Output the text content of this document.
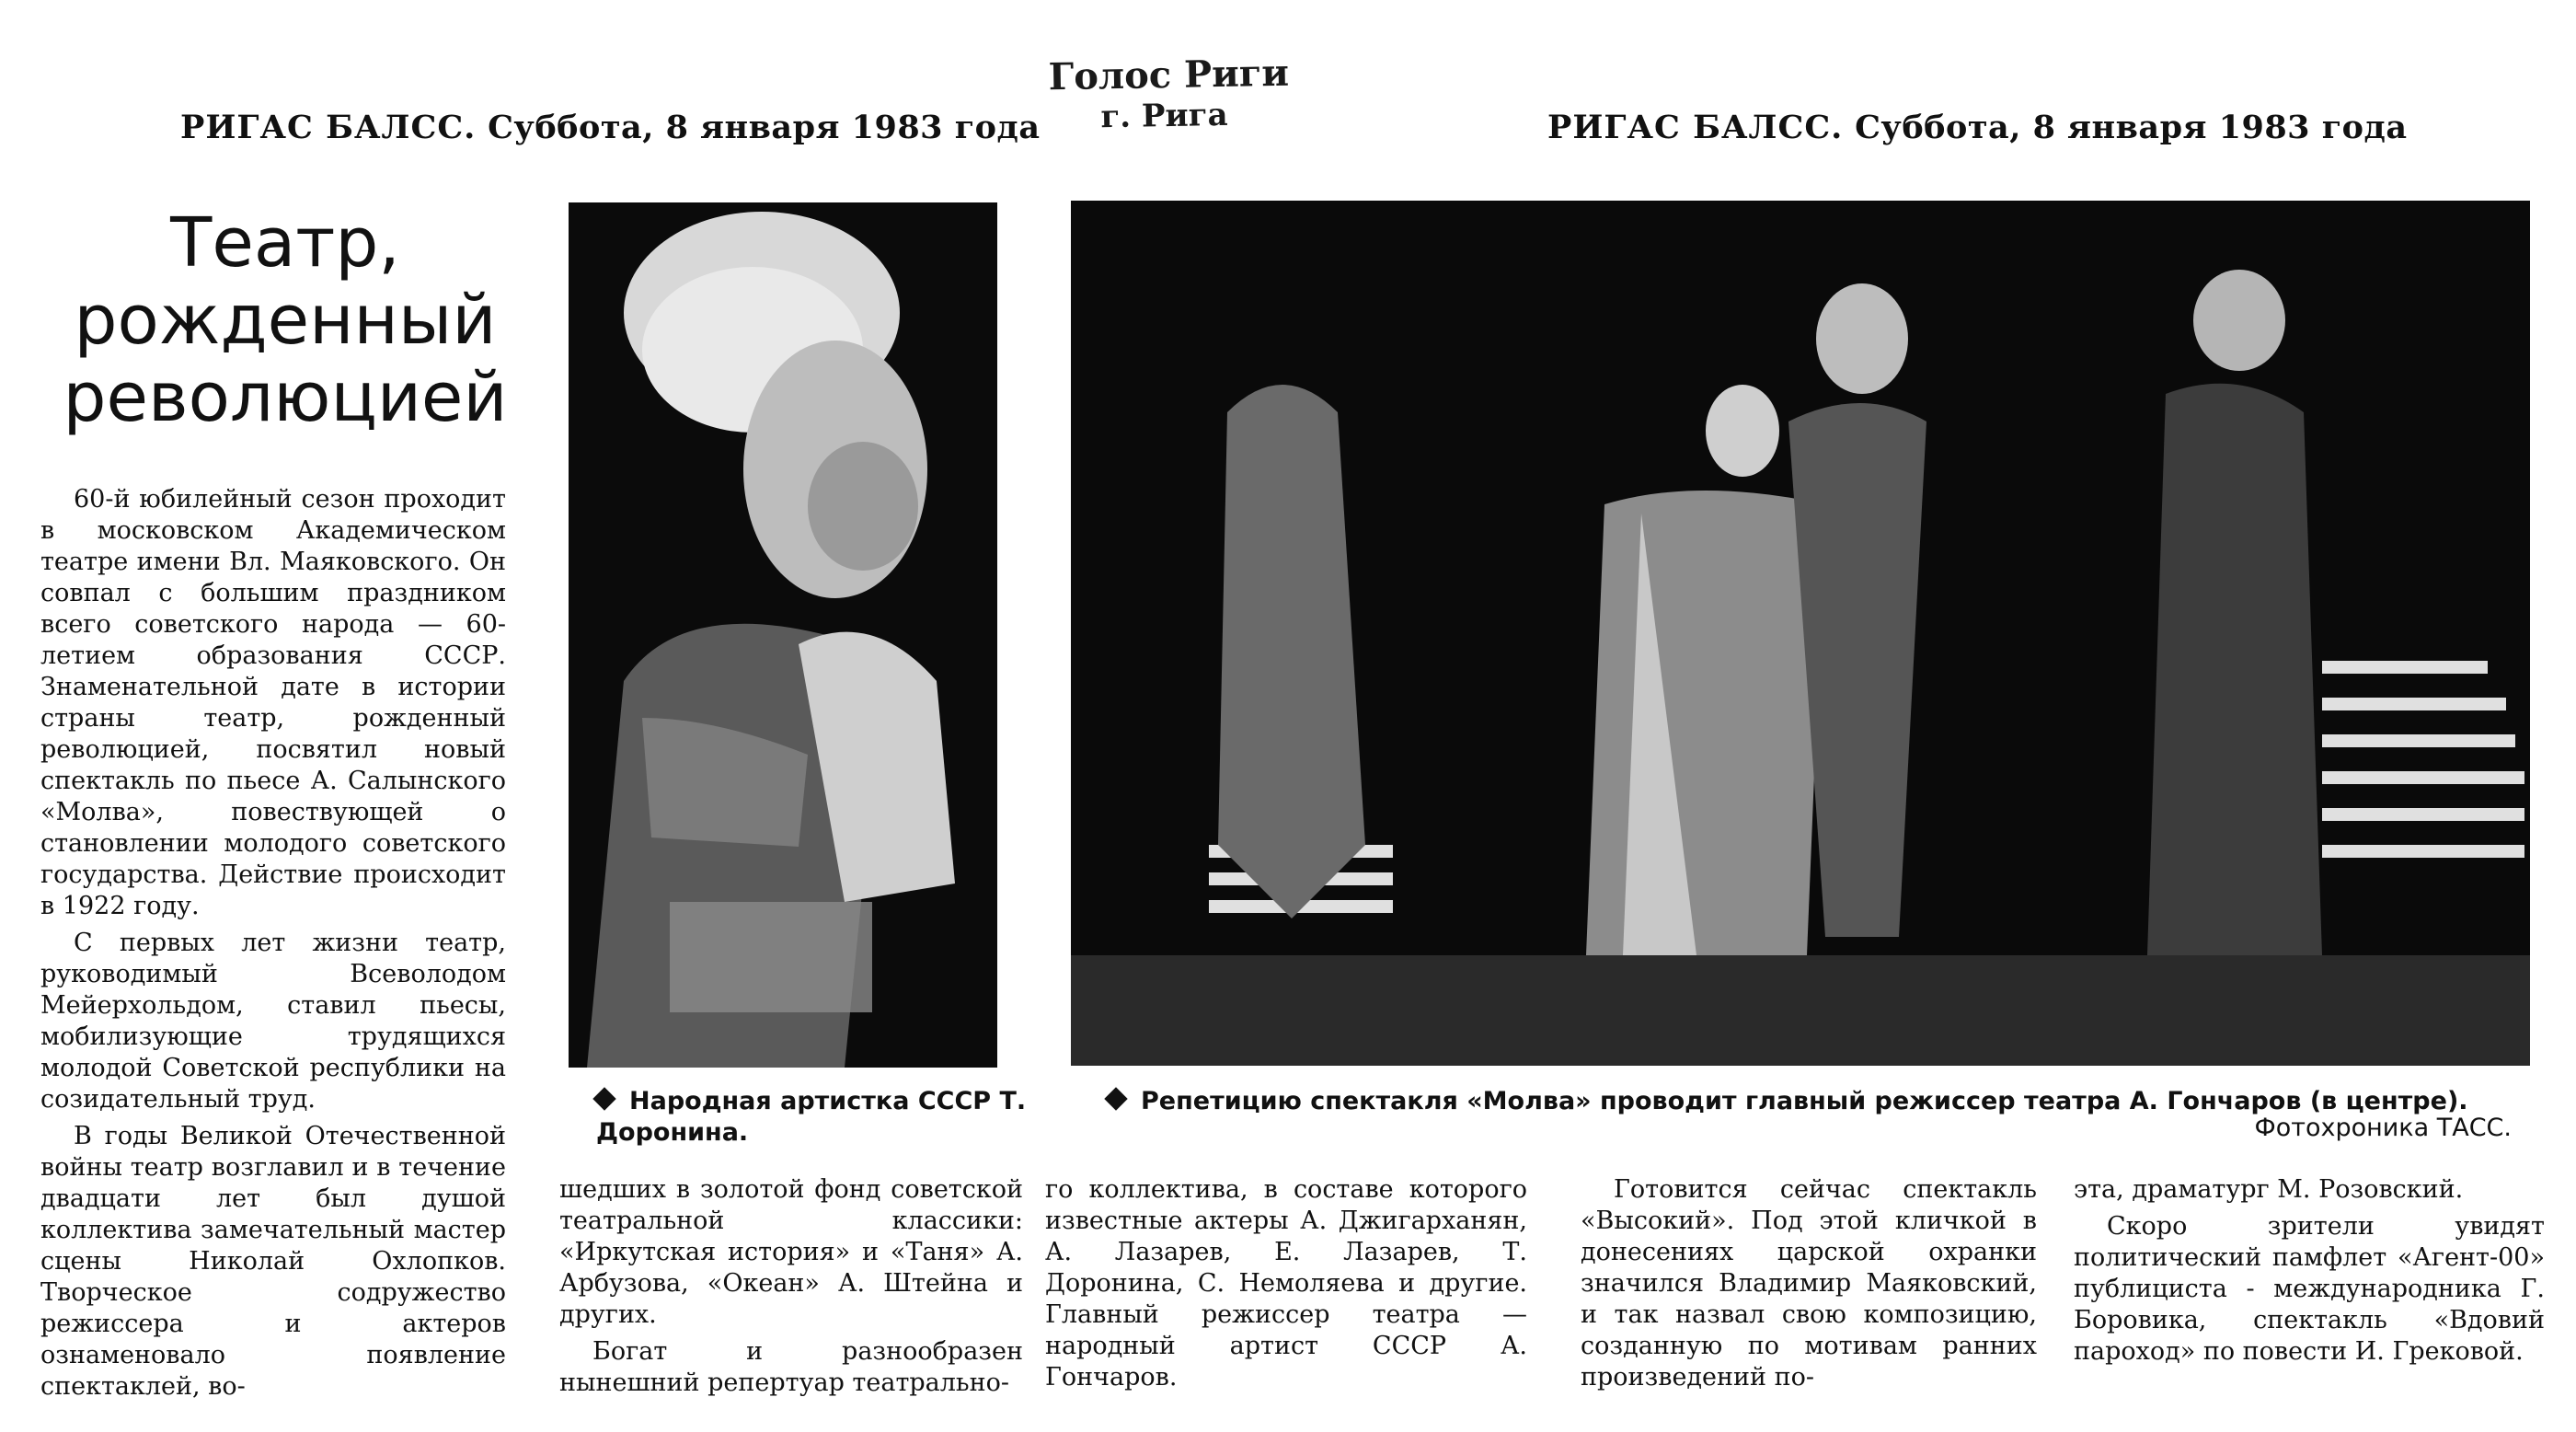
РИГАС БАЛСС. Суббота, 8 января 1983 года	РИГАС БАЛСС. Суббота, 8 января 1983 года
Голос Риги
г. Рига
Театр,
рожденный
революцией

60-й юбилейный сезон проходит в московском Академическом театре имени Вл. Маяковского. Он совпал с большим праздником всего советского народа — 60-летием образования СССР. Знаменательной дате в истории страны театр, рожденный революцией, посвятил новый спектакль по пьесе А. Салынского «Молва», повествующей о становлении молодого советского государства. Действие происходит в 1922 году.

С первых лет жизни театр, руководимый Всеволодом Мейерхольдом, ставил пьесы, мобилизующие трудящихся молодой Советской республики на созидательный труд.

В годы Великой Отечественной войны театр возглавил и в течение двадцати лет был душой коллектива замечательный мастер сцены Николай Охлопков. Творческое содружество режиссера и актеров ознаменовало появление спектаклей, во-

Народная артистка СССР Т. Доронина.
Репетицию спектакля «Молва» проводит главный режиссер театра А. Гончаров (в центре).
Фотохроника ТАСС.

шедших в золотой фонд советской театральной классики: «Иркутская история» и «Таня» А. Арбузова, «Океан» А. Штейна и других.

Богат и разнообразен нынешний репертуар театрально-

го коллектива, в составе которого известные актеры А. Джигарханян, А. Лазарев, Е. Лазарев, Т. Доронина, С. Немоляева и другие. Главный режиссер театра — народный артист СССР А. Гончаров.

Готовится сейчас спектакль «Высокий». Под этой кличкой в донесениях царской охранки значился Владимир Маяковский, и так назвал свою композицию, созданную по мотивам ранних произведений по-

эта, драматург М. Розовский.

Скоро зрители увидят политический памфлет «Агент-00» публициста - международника Г. Боровика, спектакль «Вдовий пароход» по повести И. Грековой.
